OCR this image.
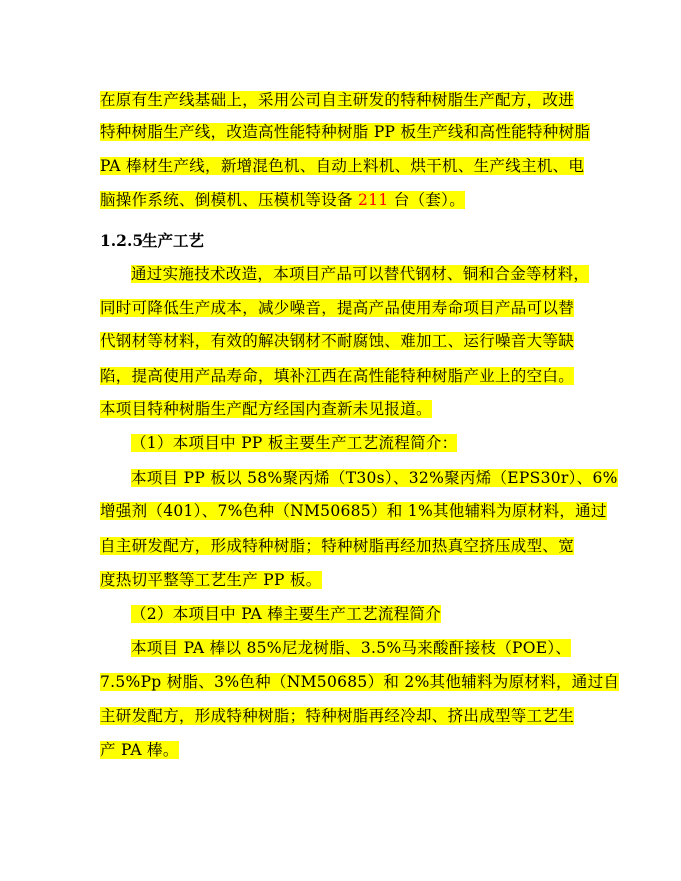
在原有生产线基础上，采用公司自主研发的特种树脂生产配方，改进
特种树脂生产线，改造高性能特种树脂 PP 板生产线和高性能特种树脂
PA 棒材生产线，新增混色机、自动上料机、烘干机、生产线主机、电
脑操作系统、倒模机、压模机等设备 211 台（套）。
1.2.5生产工艺
通过实施技术改造，本项目产品可以替代钢材、铜和合金等材料，
同时可降低生产成本，减少噪音，提高产品使用寿命项目产品可以替
代钢材等材料，有效的解决钢材不耐腐蚀、难加工、运行噪音大等缺
陷，提高使用产品寿命，填补江西在高性能特种树脂产业上的空白。
本项目特种树脂生产配方经国内查新未见报道。
（1）本项目中 PP 板主要生产工艺流程简介：
本项目 PP 板以 58%聚丙烯（T30s）、32%聚丙烯（EPS30r）、6%
增强剂（401）、7%色种（NM50685）和 1%其他辅料为原材料，通过
自主研发配方，形成特种树脂；特种树脂再经加热真空挤压成型、宽
度热切平整等工艺生产 PP 板。
（2）本项目中 PA 棒主要生产工艺流程简介
本项目 PA 棒以 85%尼龙树脂、3.5%马来酸酐接枝（POE）、
7.5%Pp 树脂、3%色种（NM50685）和 2%其他辅料为原材料，通过自
主研发配方，形成特种树脂；特种树脂再经冷却、挤出成型等工艺生
产 PA 棒。
